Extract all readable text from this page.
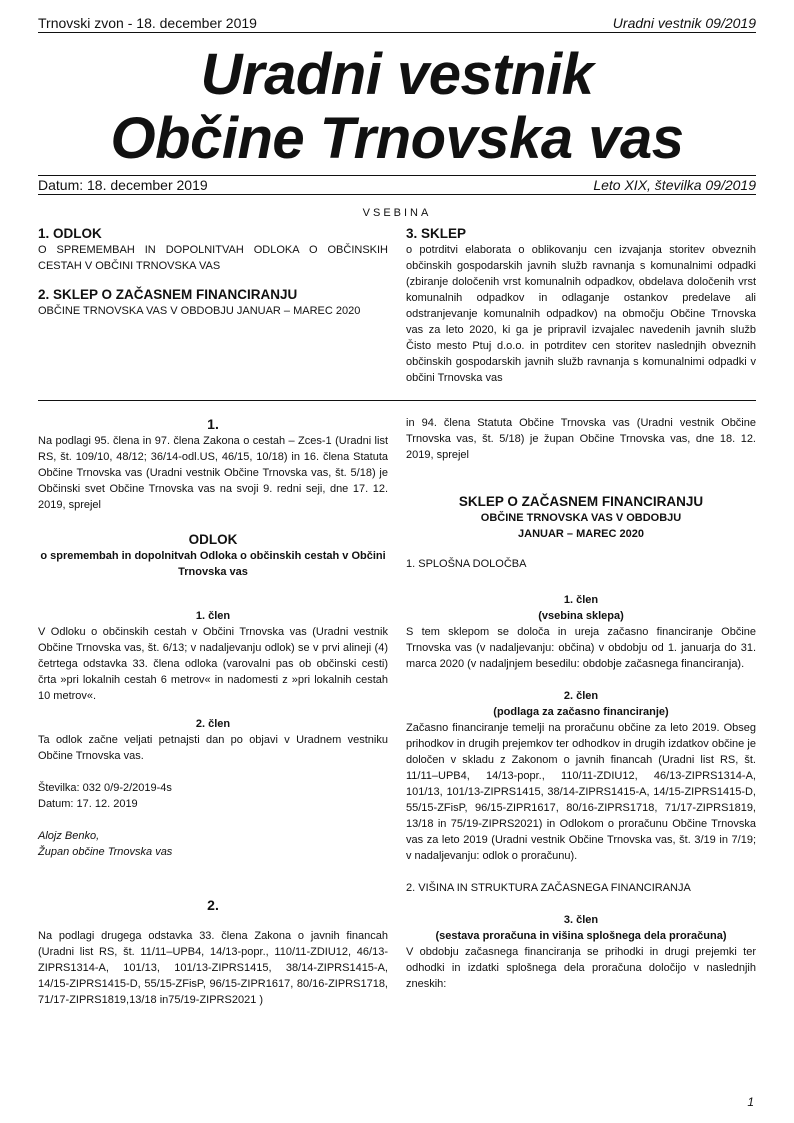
Trnovski zvon - 18. december 2019	Uradni vestnik 09/2019
Uradni vestnik
Občine Trnovska vas
Datum: 18. december 2019	Leto XIX, številka 09/2019
VSEBINA
1. ODLOK
O SPREMEMBAH IN DOPOLNITVAH ODLOKA O OBČINSKIH CESTAH V OBČINI TRNOVSKA VAS
2. SKLEP O ZAČASNEM FINANCIRANJU
OBČINE TRNOVSKA VAS V OBDOBJU JANUAR – MAREC 2020
3. SKLEP
o potrditvi elaborata o oblikovanju cen izvajanja storitev obveznih občinskih gospodarskih javnih služb ravnanja s komunalnimi odpadki (zbiranje določenih vrst komunalnih odpadkov, obdelava določenih vrst komunalnih odpadkov in odlaganje ostankov predelave ali odstranjevanje komunalnih odpadkov) na območju Občine Trnovska vas za leto 2020, ki ga je pripravil izvajalec navedenih javnih služb Čisto mesto Ptuj d.o.o. in potrditev cen storitev naslednjih obveznih občinskih gospodarskih javnih služb ravnanja s komunalnimi odpadki v občini Trnovska vas
1.

Na podlagi 95. člena in 97. člena Zakona o cestah – Zces-1 (Uradni list RS, št. 109/10, 48/12; 36/14-odl.US, 46/15, 10/18) in 16. člena Statuta Občine Trnovska vas (Uradni vestnik Občine Trnovska vas, št. 5/18) je Občinski svet Občine Trnovska vas na svoji 9. redni seji, dne 17. 12. 2019, sprejel

ODLOK
o spremembah in dopolnitvah Odloka o občinskih cestah v Občini Trnovska vas
1. člen

V Odloku o občinskih cestah v Občini Trnovska vas (Uradni vestnik Občine Trnovska vas, št. 6/13; v nadaljevanju odlok) se v prvi alineji (4) četrtega odstavka 33. člena odloka (varovalni pas ob občinski cesti) črta »pri lokalnih cestah 6 metrov« in nadomesti z »pri lokalnih cestah 10 metrov«.

2. člen

Ta odlok začne veljati petnajsti dan po objavi v Uradnem vestniku Občine Trnovska vas.

Številka: 032 0/9-2/2019-4s

Datum: 17. 12. 2019

Alojz Benko,

Župan občine Trnovska vas

2.

Na podlagi drugega odstavka 33. člena Zakona o javnih financah (Uradni list RS, št. 11/11–UPB4, 14/13-popr., 110/11-ZDIU12, 46/13-ZIPRS1314-A, 101/13, 101/13-ZIPRS1415, 38/14-ZIPRS1415-A, 14/15-ZIPRS1415-D, 55/15-ZFisP, 96/15-ZIPR1617, 80/16-ZIPRS1718, 71/17-ZIPRS1819,13/18 in75/19-ZIPRS2021 )

in 94. člena Statuta Občine Trnovska vas (Uradni vestnik Občine Trnovska vas, št. 5/18) je župan Občine Trnovska vas, dne 18. 12. 2019, sprejel

SKLEP O ZAČASNEM FINANCIRANJU
OBČINE TRNOVSKA VAS V OBDOBJU
JANUAR – MAREC 2020

1. SPLOŠNA DOLOČBA

1. člen
(vsebina sklepa)

S tem sklepom se določa in ureja začasno financiranje Občine Trnovska vas (v nadaljevanju: občina) v obdobju od 1. januarja do 31. marca 2020 (v nadaljnjem besedilu: obdobje začasnega financiranja).

2. člen
(podlaga za začasno financiranje)

Začasno financiranje temelji na proračunu občine za leto 2019. Obseg prihodkov in drugih prejemkov ter odhodkov in drugih izdatkov občine je določen v skladu z Zakonom o javnih financah (Uradni list RS, št. 11/11–UPB4, 14/13-popr., 110/11-ZDIU12, 46/13-ZIPRS1314-A, 101/13, 101/13-ZIPRS1415, 38/14-ZIPRS1415-A, 14/15-ZIPRS1415-D, 55/15-ZFisP, 96/15-ZIPR1617, 80/16-ZIPRS1718, 71/17-ZIPRS1819, 13/18 in 75/19-ZIPRS2021) in Odlokom o proračunu Občine Trnovska vas za leto 2019 (Uradni vestnik Občine Trnovska vas, št. 3/19 in 7/19; v nadaljevanju: odlok o proračunu).

2. VIŠINA IN STRUKTURA ZAČASNEGA FINANCIRANJA

3. člen
(sestava proračuna in višina splošnega dela proračuna)

V obdobju začasnega financiranja se prihodki in drugi prejemki ter odhodki in izdatki splošnega dela proračuna določijo v naslednjih zneskih:

1
